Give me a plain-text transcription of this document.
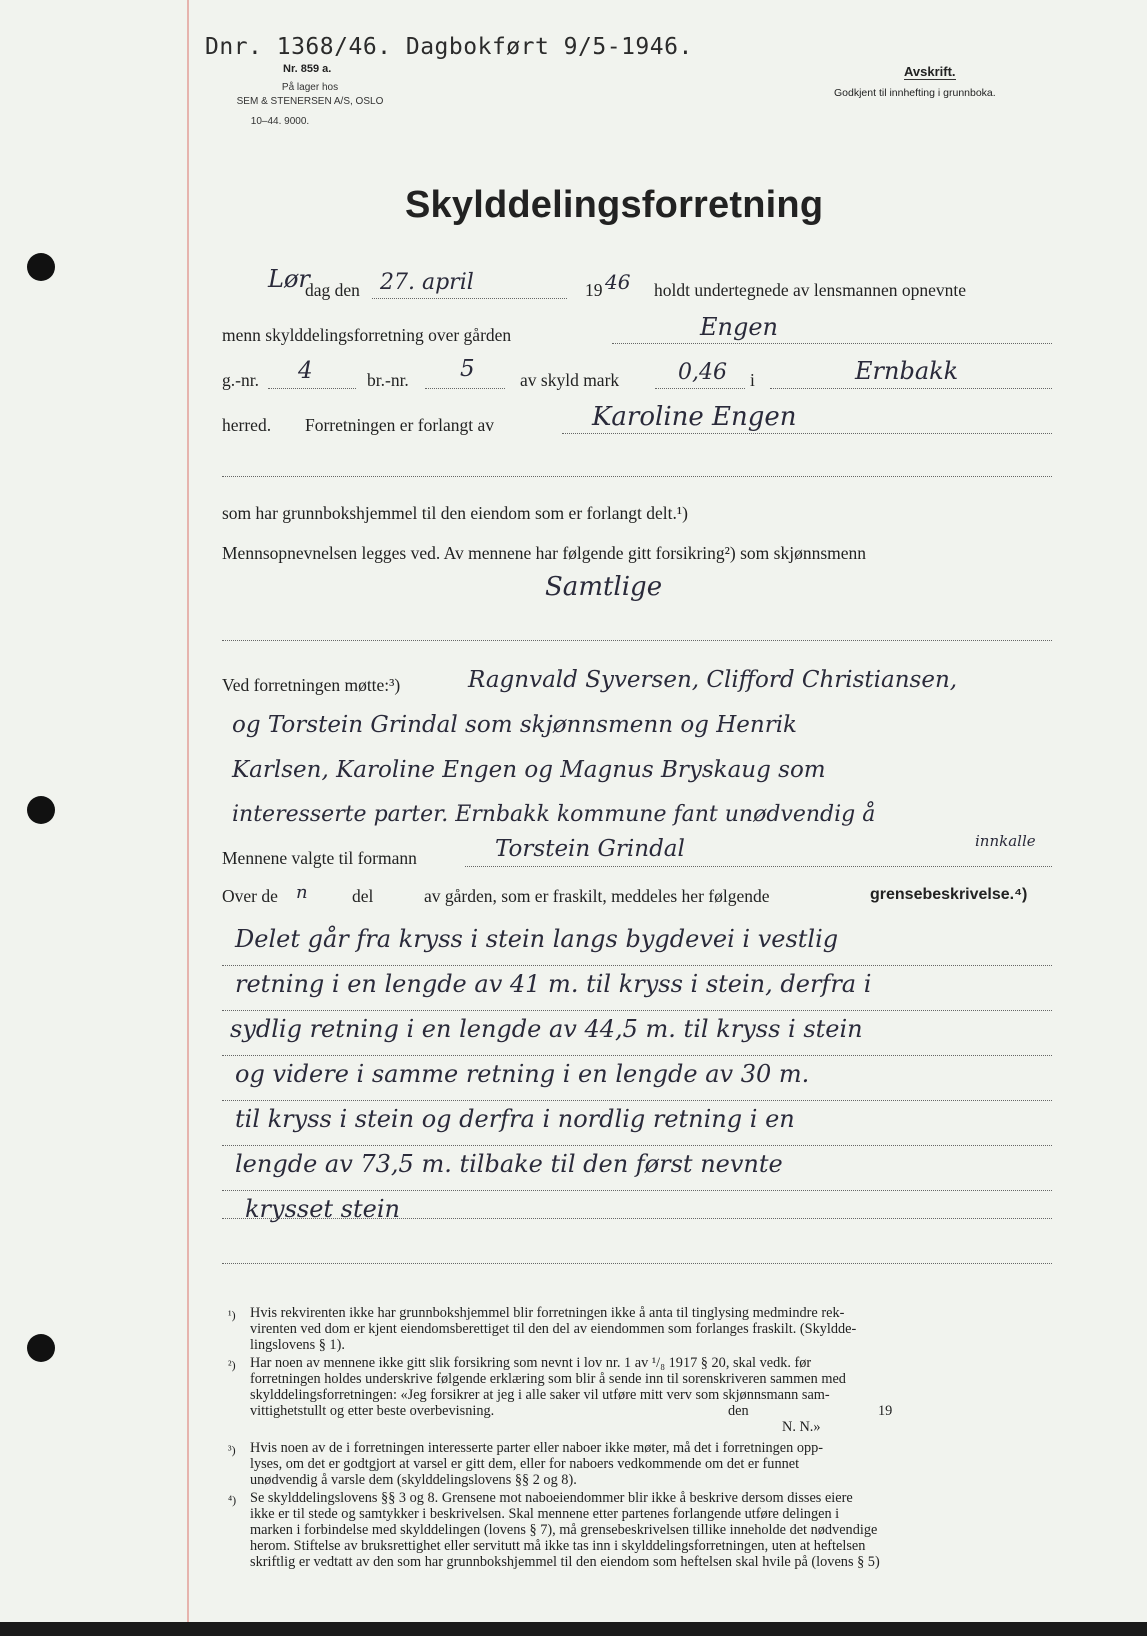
Dnr. 1368/46. Dagbokført 9/5-1946.
Nr. 859 a.
På lager hos
SEM & STENERSEN A/S, OSLO
10–44. 9000.
Avskrift.
Godkjent til innhefting i grunnboka.
Skylddelingsforretning
Lør
dag den 27. april	19 46 holdt undertegnede av lensmannen opnevnte
menn skylddelingsforretning over gården	Engen
g.-nr. 4	br.-nr. 5	av skyld mark	0,46 i	Ernbakk
herred. Forretningen er forlangt av	Karoline Engen
som har grunnbokshjemmel til den eiendom som er forlangt delt.¹)
Mennsopnevnelsen legges ved. Av mennene har følgende gitt forsikring²) som skjønnsmenn
Samtlige
Ved forretningen møtte:³)	Ragnvald Syversen, Clifford Christiansen,
og Torstein Grindal som skjønnsmenn og Henrik
Karlsen, Karoline Engen og Magnus Bryskaug som
interesserte parter. Ernbakk kommune fant unødvendig å
innkalle
Mennene valgte til formann	Torstein Grindal
Over de n	del	av gården, som er fraskilt, meddeles her følgende	grensebeskrivelse.⁴)
Delet går fra kryss i stein langs bygdevei i vestlig
retning i en lengde av 41 m. til kryss i stein, derfra i
sydlig retning i en lengde av 44,5 m. til kryss i stein
og videre i samme retning i en lengde av 30 m.
til kryss i stein og derfra i nordlig retning i en
lengde av 73,5 m. tilbake til den først nevnte
krysset stein
¹) Hvis rekvirenten ikke har grunnbokshjemmel blir forretningen ikke å anta til tinglysing medmindre rek-
virenten ved dom er kjent eiendomsberettiget til den del av eiendommen som forlanges fraskilt. (Skyldde-
lingslovens § 1).
²) Har noen av mennene ikke gitt slik forsikring som nevnt i lov nr. 1 av ¹/₈ 1917 § 20, skal vedk. før
forretningen holdes underskrive følgende erklæring som blir å sende inn til sorenskriveren sammen med
skylddelingsforretningen: «Jeg forsikrer at jeg i alle saker vil utføre mitt verv som skjønnsmann sam-
vittighetstullt og etter beste overbevisning.	den	19
N. N.»
³) Hvis noen av de i forretningen interesserte parter eller naboer ikke møter, må det i forretningen opp-
lyses, om det er godtgjort at varsel er gitt dem, eller for naboers vedkommende om det er funnet
unødvendig å varsle dem (skylddelingslovens §§ 2 og 8).
⁴) Se skylddelingslovens §§ 3 og 8. Grensene mot naboeiendommer blir ikke å beskrive dersom disses eiere
ikke er til stede og samtykker i beskrivelsen. Skal mennene etter partenes forlangende utføre delingen i
marken i forbindelse med skylddelingen (lovens § 7), må grensebeskrivelsen tillike inneholde det nødvendige
herom. Stiftelse av bruksrettighet eller servitutt må ikke tas inn i skylddelingsforretningen, uten at heftelsen
skriftlig er vedtatt av den som har grunnbokshjemmel til den eiendom som heftelsen skal hvile på (lovens § 5)
